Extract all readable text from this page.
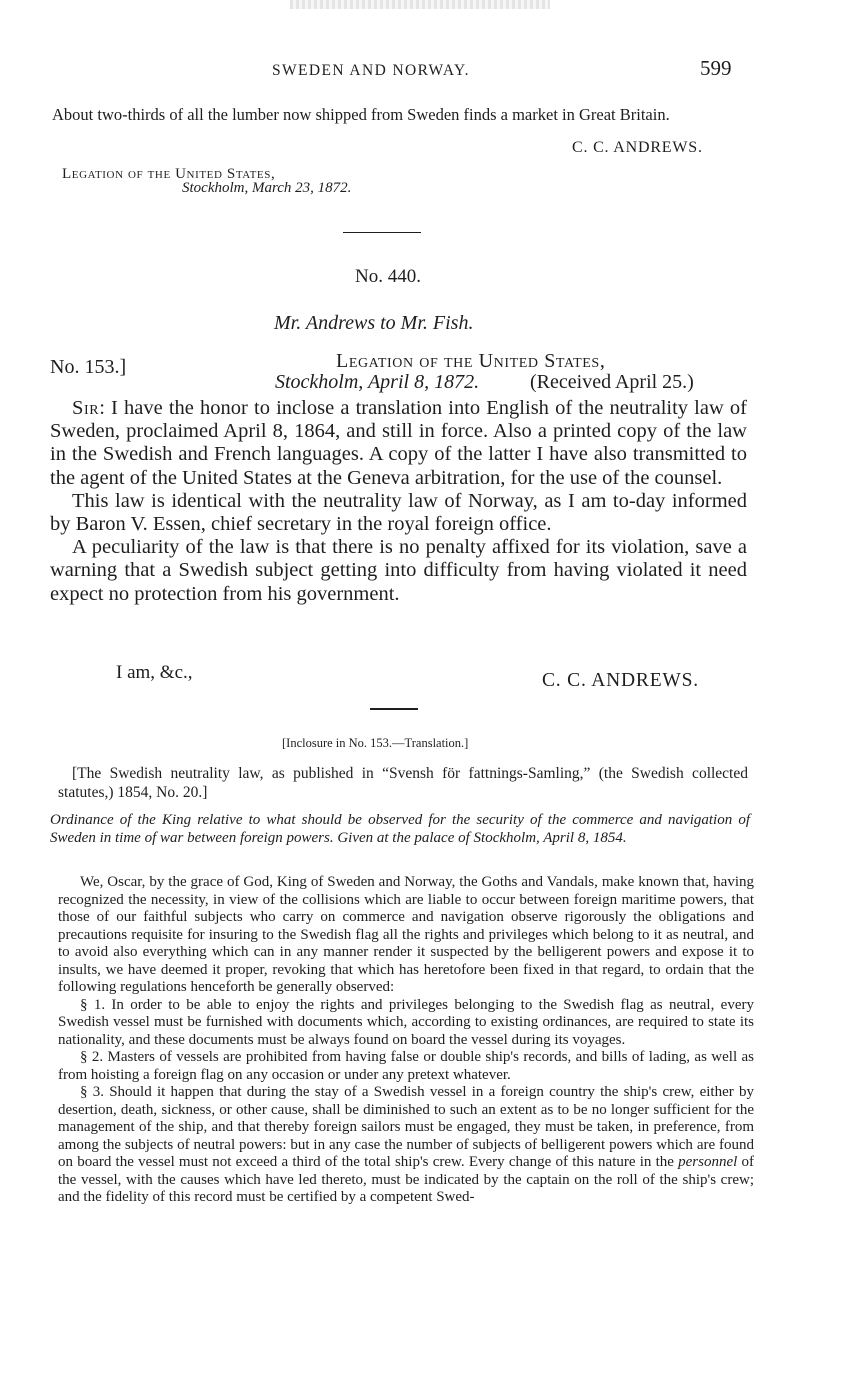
SWEDEN AND NORWAY.	599
About two-thirds of all the lumber now shipped from Sweden finds a market in Great Britain.
C. C. ANDREWS.
Legation of the United States,
Stockholm, March 23, 1872.
No. 440.
Mr. Andrews to Mr. Fish.
No. 153.]	Legation of the United States,
Stockholm, April 8, 1872.	(Received April 25.)

Sir: I have the honor to inclose a translation into English of the neutrality law of Sweden, proclaimed April 8, 1864, and still in force. Also a printed copy of the law in the Swedish and French languages. A copy of the latter I have also transmitted to the agent of the United States at the Geneva arbitration, for the use of the counsel.

This law is identical with the neutrality law of Norway, as I am to-day informed by Baron V. Essen, chief secretary in the royal foreign office.

A peculiarity of the law is that there is no penalty affixed for its violation, save a warning that a Swedish subject getting into difficulty from having violated it need expect no protection from his government.

I am, &c.,	C. C. ANDREWS.
[Inclosure in No. 153.—Translation.]
[The Swedish neutrality law, as published in “Svensh för fattnings-Samling,” (the Swedish collected statutes,) 1854, No. 20.]
Ordinance of the King relative to what should be observed for the security of the commerce and navigation of Sweden in time of war between foreign powers. Given at the palace of Stockholm, April 8, 1854.

We, Oscar, by the grace of God, King of Sweden and Norway, the Goths and Vandals, make known that, having recognized the necessity, in view of the collisions which are liable to occur between foreign maritime powers, that those of our faithful subjects who carry on commerce and navigation observe rigorously the obligations and precautions requisite for insuring to the Swedish flag all the rights and privileges which belong to it as neutral, and to avoid also everything which can in any manner render it suspected by the belligerent powers and expose it to insults, we have deemed it proper, revoking that which has heretofore been fixed in that regard, to ordain that the following regulations henceforth be generally observed:

§ 1. In order to be able to enjoy the rights and privileges belonging to the Swedish flag as neutral, every Swedish vessel must be furnished with documents which, according to existing ordinances, are required to state its nationality, and these documents must be always found on board the vessel during its voyages.

§ 2. Masters of vessels are prohibited from having false or double ship's records, and bills of lading, as well as from hoisting a foreign flag on any occasion or under any pretext whatever.

§ 3. Should it happen that during the stay of a Swedish vessel in a foreign country the ship's crew, either by desertion, death, sickness, or other cause, shall be diminished to such an extent as to be no longer sufficient for the management of the ship, and that thereby foreign sailors must be engaged, they must be taken, in preference, from among the subjects of neutral powers: but in any case the number of subjects of belligerent powers which are found on board the vessel must not exceed a third of the total ship's crew. Every change of this nature in the personnel of the vessel, with the causes which have led thereto, must be indicated by the captain on the roll of the ship's crew; and the fidelity of this record must be certified by a competent Swed-
